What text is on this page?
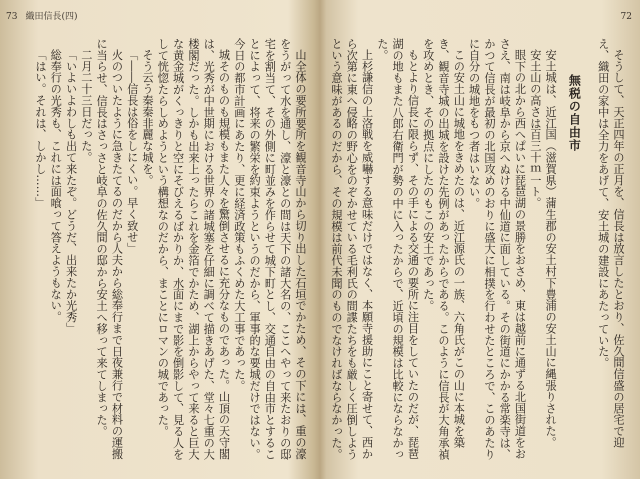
73 織田信長(四)

山全体の要所要所を観音寺山から切り出した石垣でかため、その下には、重の濠をうがって水を通し、濠と濠との間は天下の諸大名の、ここへやって来たおりの邸宅を割当て、その外側に町並みを作らせて城下町とし、交通自由の自由市とすることによって、将来の繁栄を約束ようというのだから、軍事的な要城だけではない。今日の都市計画にあたり、更に経済政策もふくめた大工事であった。

城そのものも規模もまた人々を驚倒させるに充分なものであった。山頂の天守閣は、光秀が中世期における世界の諸城塞を仔細に調べて描きあげた、堂々七重の大楼閣だった。しかも出来上ったらこれを金箔でかため、湖上からやって来ると巨大な黄金城がくっきりと空にそびえるばかりか、水面にまで影を倒影して、見る人をして恍惚たらしめようという構想なのだから、まことにロマンの城であった。

そう云う秦秦非麗な城を。

「――信長は俗をしにくい。早く致せ」

火のついたように急きたてるのだから人夫から総奉行まで日夜兼行で材料の運搬に当らせ、信長はさっさと岐阜の佐久間の邸から安土へ移って来てしまった。

二月二十三日だった。

「いよいよわしも出て来たぞ。どうだ、出来たか光秀」

総奉行の光秀も、これには面喰って答えようもない。

「はい。それは、しかし……」

72

そうして、天正四年の正月を、信長は放言したとおり、佐久間信盛の居宅で迎え、織田の家中は全力をあげて、安土城の建設にあたっていた。

無税の自由市

安土城は、近江国（滋賀県）蒲生郡の安土村下豊浦の安土山に縄張りされた。

安土山の高さは百三十ｍ一ト。

眼下の北から西へぱいに琵琶湖の景勝をおさめ、東は越前に通ずる北国街道をおさえ、南は岐阜から京へぬける中仙道に面している。その街道にかかる常楽寺は、かつて信長が最初の北国攻めのおりに盛大に相撲を行わせたところで、このあたりに自分の城地をもつ者はいない。

この安土山に城地をきめたのは、近江源氏の一族、六角氏がこの山に本城を築き、観音寺城の出城を設けた先例があったからである。このように信長が大角承禎を攻めとき、その拠点にしたのもこの安土であった。

もとより信長に限らず、その手による交通の要所に注目をしていたのだが、琵琶湖の地もまた八郎右衛門が勢の中に入ったからで、近頃の規模は比較にならなかった。

上杉謙信の上洛戦を威嚇する意味だけではなく、本願寺援助にこと寄せて、西から次第に東へ侵略の野心をのぞかせている毛利氏の間諜たちをも厳しく圧倒しようという意味があるのだから、その規模は前代未聞のものでなければならなかった。
